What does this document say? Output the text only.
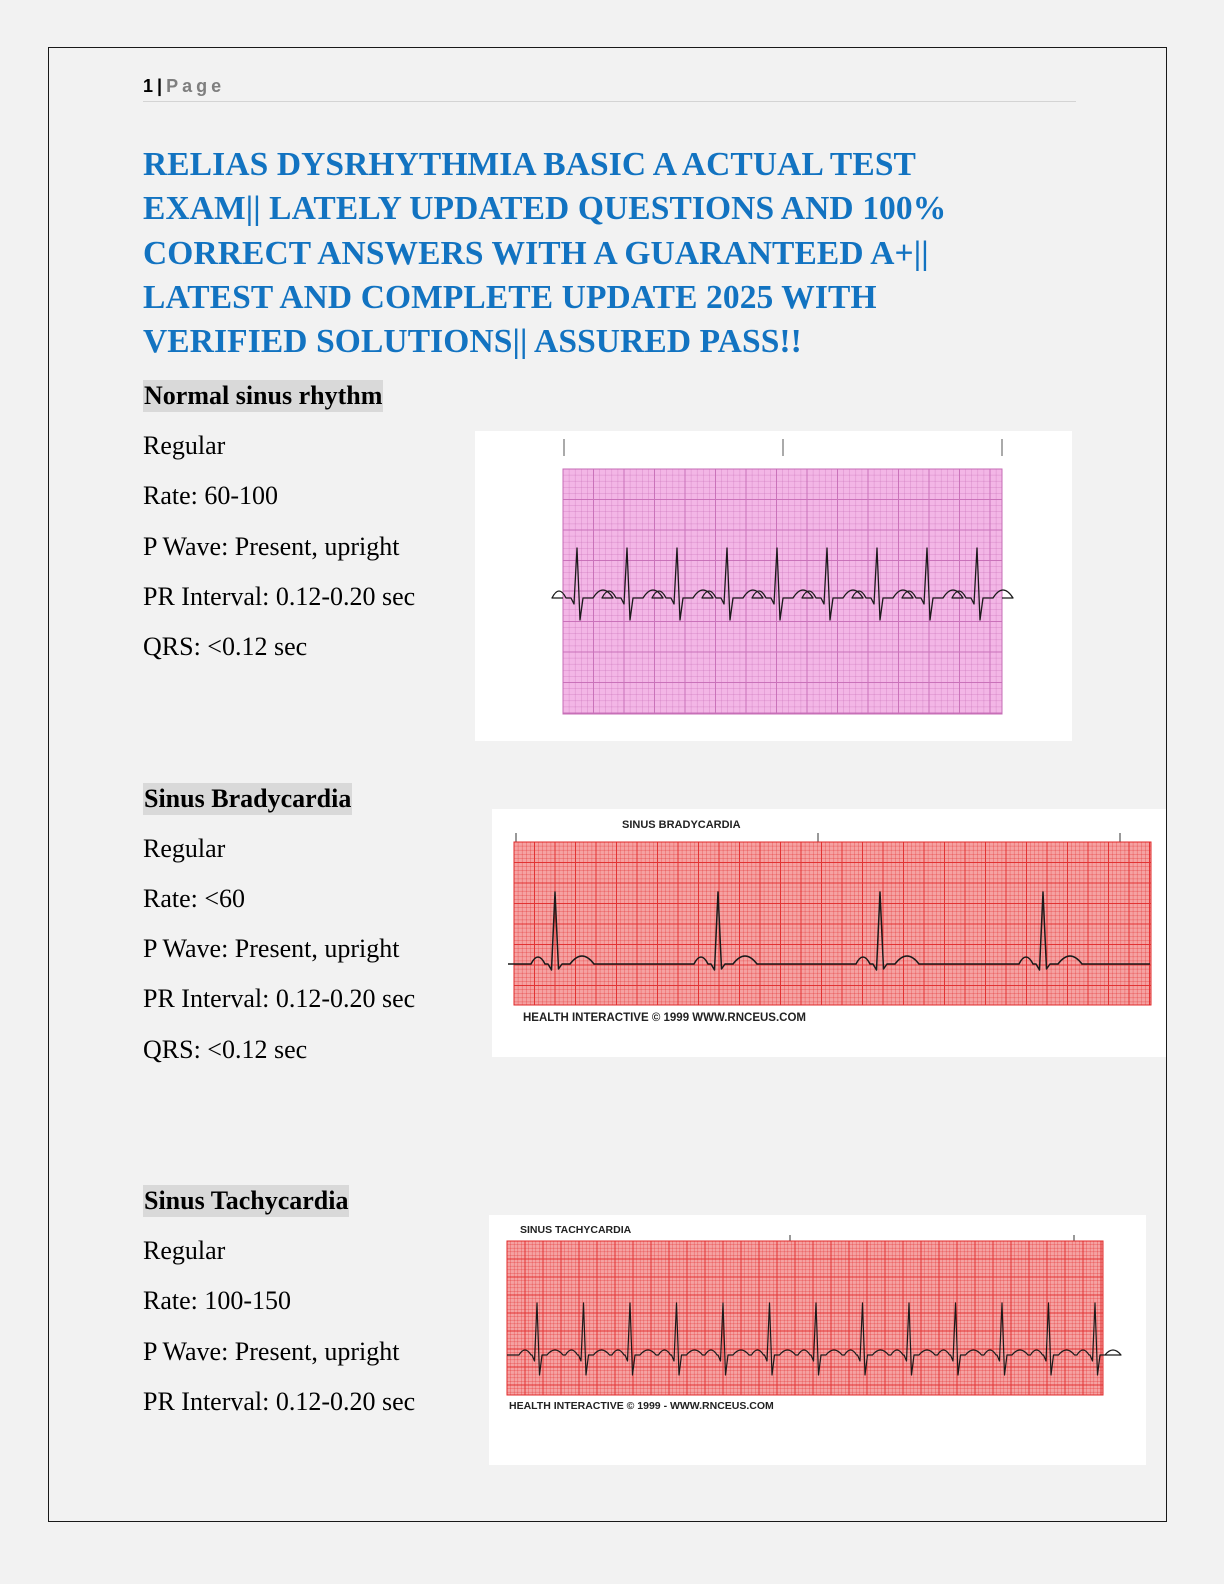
1 | Page
RELIAS DYSRHYTHMIA BASIC A ACTUAL TEST
EXAM|| LATELY UPDATED QUESTIONS AND 100%
CORRECT ANSWERS WITH A GUARANTEED A+||
LATEST AND COMPLETE UPDATE 2025 WITH
VERIFIED SOLUTIONS|| ASSURED PASS!!
Normal sinus rhythm
Regular
Rate: 60-100
P Wave: Present, upright
PR Interval: 0.12-0.20 sec
QRS: <0.12 sec
Sinus Bradycardia
Regular
Rate: <60
P Wave: Present, upright
PR Interval: 0.12-0.20 sec
QRS: <0.12 sec
SINUS BRADYCARDIA
HEALTH INTERACTIVE © 1999 WWW.RNCEUS.COM
Sinus Tachycardia
Regular
Rate: 100-150
P Wave: Present, upright
PR Interval: 0.12-0.20 sec
SINUS TACHYCARDIA
HEALTH INTERACTIVE © 1999 - WWW.RNCEUS.COM
